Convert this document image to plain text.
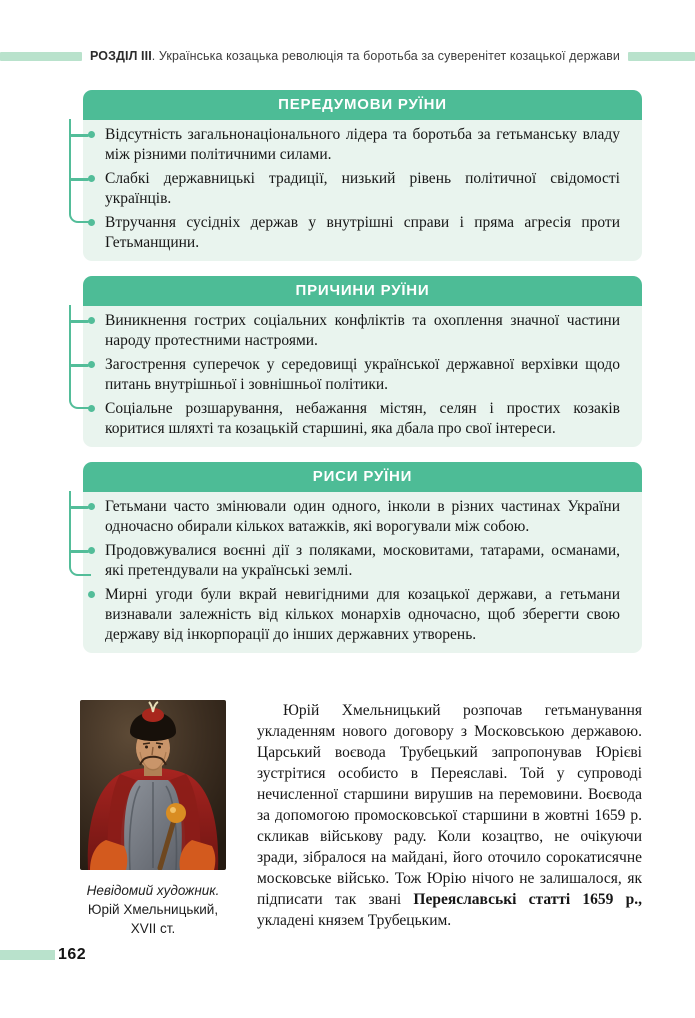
РОЗДІЛ III. Українська козацька революція та боротьба за суверенітет козацької держави
ПЕРЕДУМОВИ РУЇНИ
Відсутність загальнонаціонального лідера та боротьба за гетьманську владу між різними політичними силами.
Слабкі державницькі традиції, низький рівень політичної свідомості українців.
Втручання сусідніх держав у внутрішні справи і пряма агресія проти Гетьманщини.
ПРИЧИНИ РУЇНИ
Виникнення гострих соціальних конфліктів та охоплення значної частини народу протестними настроями.
Загострення суперечок у середовищі української державної верхівки щодо питань внутрішньої і зовнішньої політики.
Соціальне розшарування, небажання містян, селян і простих козаків коритися шляхті та козацькій старшині, яка дбала про свої інтереси.
РИСИ РУЇНИ
Гетьмани часто змінювали один одного, інколи в різних частинах України одночасно обирали кількох ватажків, які ворогували між собою.
Продовжувалися воєнні дії з поляками, московитами, татарами, османами, які претендували на українські землі.
Мирні угоди були вкрай невигідними для козацької держави, а гетьмани визнавали залежність від кількох монархів одночасно, щоб зберегти свою державу від інкорпорації до інших державних утворень.
Невідомий художник.
Юрій Хмельницький,
XVII ст.

Юрій Хмельницький розпочав гетьманування укладенням нового договору з Московською державою. Царський воєвода Трубецький запропонував Юрієві зустрітися особисто в Переяславі. Той у супроводі нечисленної старшини вирушив на перемовини. Воєвода за допомогою промосковської старшини в жовтні 1659 р. скликав військову раду. Коли козацтво, не очікуючи зради, зібралося на майдані, його оточило сорокатисячне московське військо. Тож Юрію нічого не залишалося, як підписати так звані Переяславські статті 1659 р., укладені князем Трубецьким.

162
